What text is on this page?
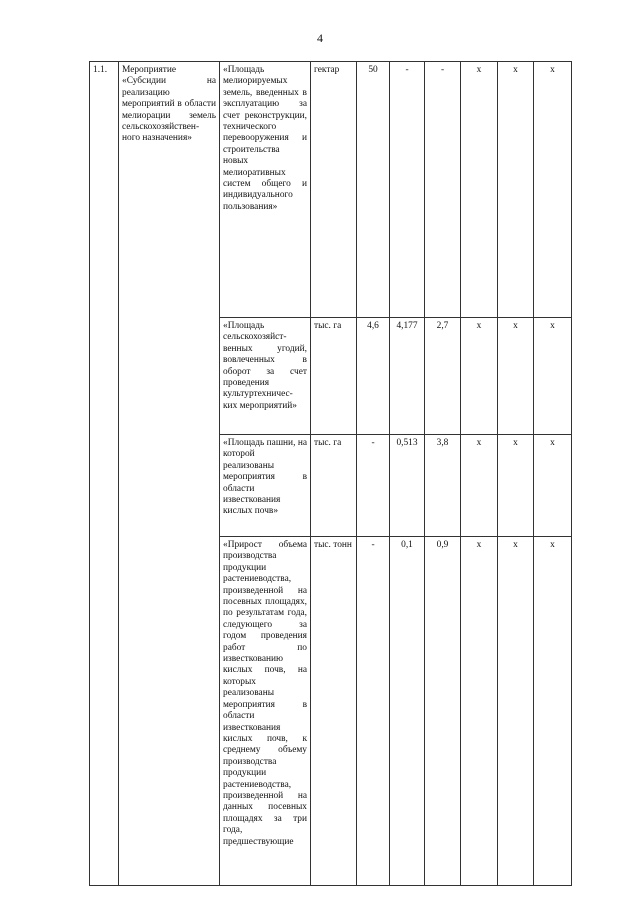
4
1.1.	Мероприятие «Субсидии на реализацию мероприятий в области мелиорации земель сельскохозяйствен- ного назначения»	«Площадь мелиорируемых земель, введенных в эксплуатацию за счет реконструкции, технического перевооружения и строительства новых мелиоративных систем общего и индивидуального пользования»	гектар	50	-	-	х	х	х
		«Площадь сельскохозяйст- венных угодий, вовлеченных в оборот за счет проведения культуртехничес- ких мероприятий»	тыс. га	4,6	4,177	2,7	х	х	х
		«Площадь пашни, на которой реализованы мероприятия в области известкования кислых почв»	тыс. га	-	0,513	3,8	х	х	х
		«Прирост объема производства продукции растениеводства, произведенной на посевных площадях, по результатам года, следующего за годом проведения работ по известкованию кислых почв, на которых реализованы мероприятия в области известкования кислых почв, к среднему объему производства продукции растениеводства, произведенной на данных посевных площадях за три года, предшествующие	тыс. тонн	-	0,1	0,9	х	х	х
